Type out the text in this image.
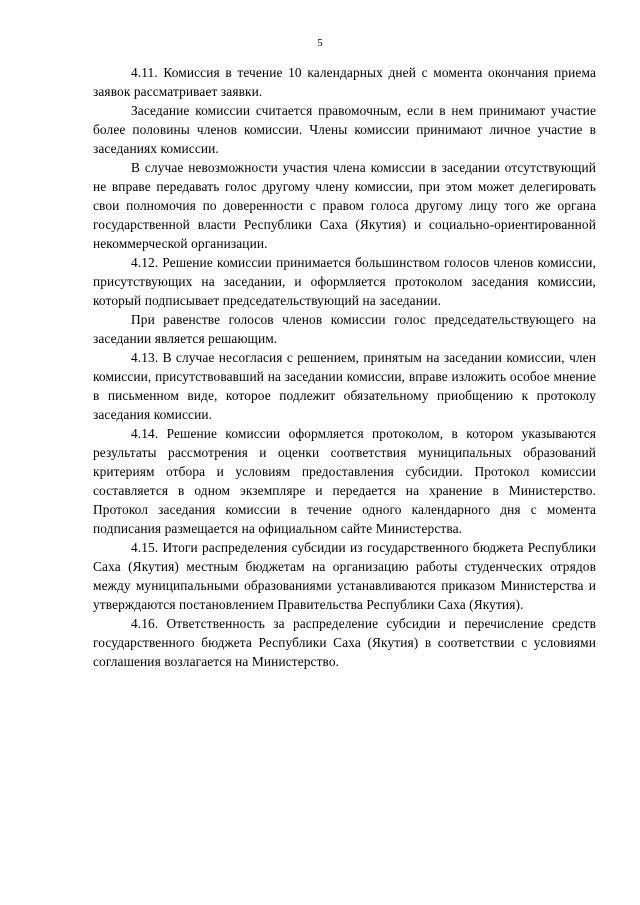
5

4.11. Комиссия в течение 10 календарных дней с момента окончания приема заявок рассматривает заявки.

Заседание комиссии считается правомочным, если в нем принимают участие более половины членов комиссии. Члены комиссии принимают личное участие в заседаниях комиссии.

В случае невозможности участия члена комиссии в заседании отсутствующий не вправе передавать голос другому члену комиссии, при этом может делегировать свои полномочия по доверенности с правом голоса другому лицу того же органа государственной власти Республики Саха (Якутия) и социально-ориентированной некоммерческой организации.

4.12. Решение комиссии принимается большинством голосов членов комиссии, присутствующих на заседании, и оформляется протоколом заседания комиссии, который подписывает председательствующий на заседании.

При равенстве голосов членов комиссии голос председательствующего на заседании является решающим.

4.13. В случае несогласия с решением, принятым на заседании комиссии, член комиссии, присутствовавший на заседании комиссии, вправе изложить особое мнение в письменном виде, которое подлежит обязательному приобщению к протоколу заседания комиссии.

4.14. Решение комиссии оформляется протоколом, в котором указываются результаты рассмотрения и оценки соответствия муниципальных образований критериям отбора и условиям предоставления субсидии. Протокол комиссии составляется в одном экземпляре и передается на хранение в Министерство. Протокол заседания комиссии в течение одного календарного дня с момента подписания размещается на официальном сайте Министерства.

4.15. Итоги распределения субсидии из государственного бюджета Республики Саха (Якутия) местным бюджетам на организацию работы студенческих отрядов между муниципальными образованиями устанавливаются приказом Министерства и утверждаются постановлением Правительства Республики Саха (Якутия).

4.16. Ответственность за распределение субсидии и перечисление средств государственного бюджета Республики Саха (Якутия) в соответствии с условиями соглашения возлагается на Министерство.
